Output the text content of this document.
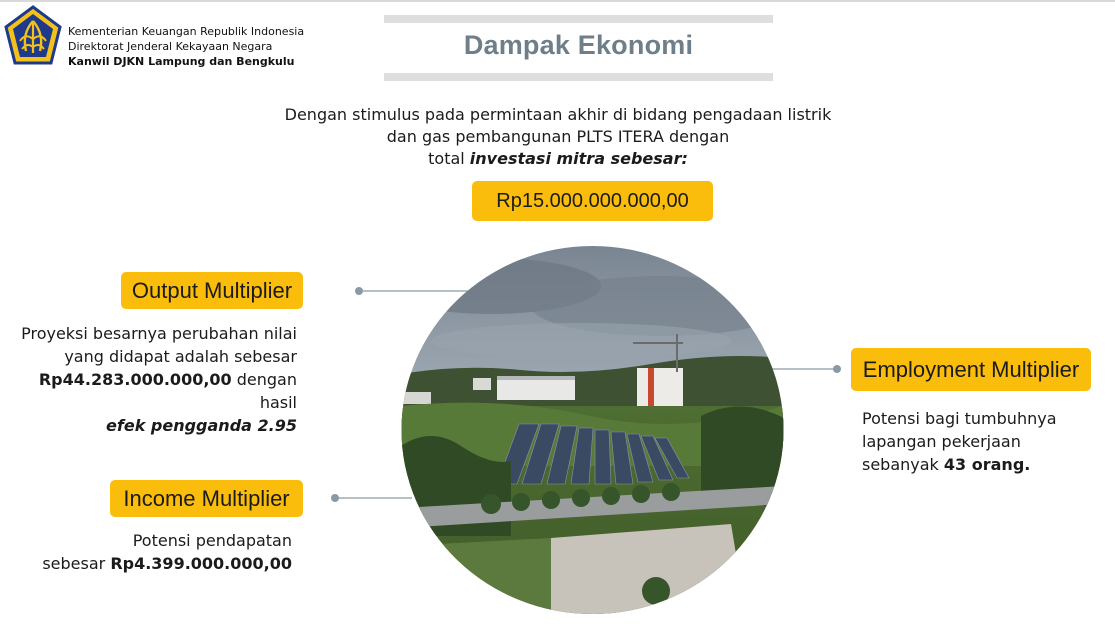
Kementerian Keuangan Republik Indonesia
Direktorat Jenderal Kekayaan Negara
Kanwil DJKN Lampung dan Bengkulu
Dampak Ekonomi
Dengan stimulus pada permintaan akhir di bidang pengadaan listrik
dan gas pembangunan PLTS ITERA dengan
total investasi mitra sebesar:
Rp15.000.000.000,00
Output Multiplier
Proyeksi besarnya perubahan nilai
yang didapat adalah sebesar
Rp44.283.000.000,00 dengan
hasil
efek pengganda 2.95
Income Multiplier
Potensi pendapatan
sebesar Rp4.399.000.000,00
Employment Multiplier
Potensi bagi tumbuhnya
lapangan pekerjaan
sebanyak 43 orang.
